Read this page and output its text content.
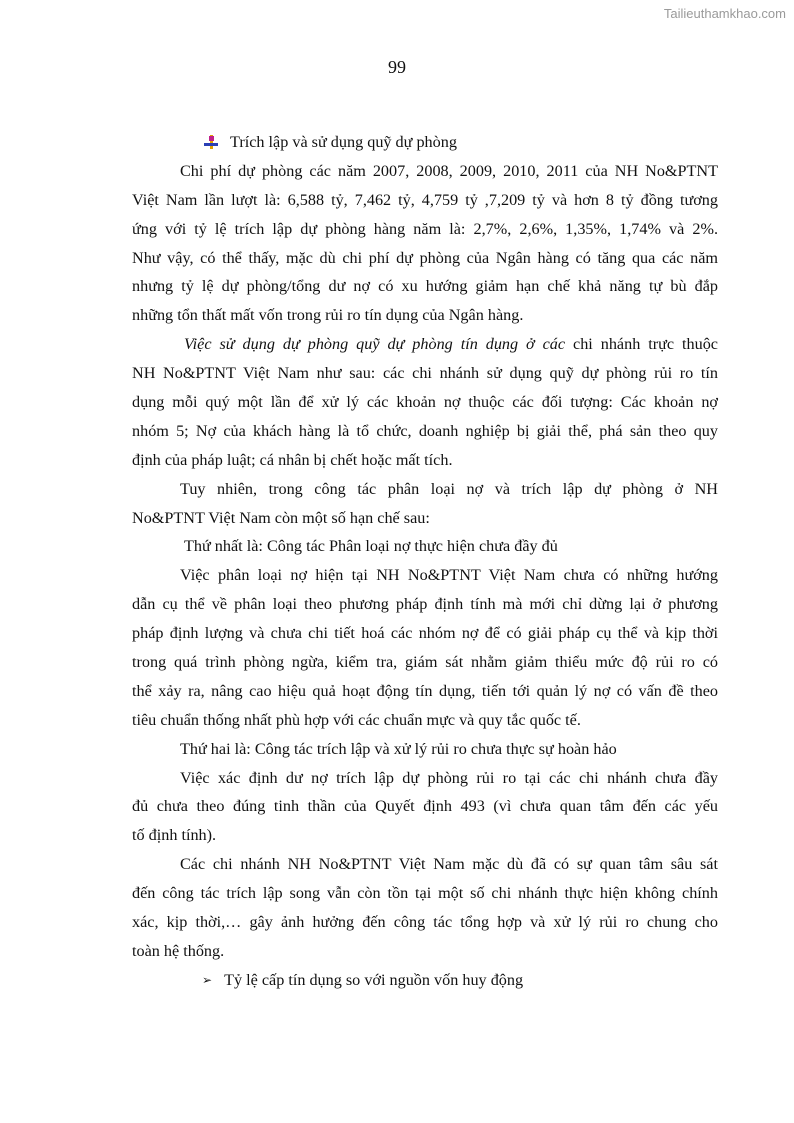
Tailieuthamkhao.com
99
Trích lập và sử dụng quỹ dự phòng
Chi phí dự phòng các năm 2007, 2008, 2009, 2010, 2011 của NH No&PTNT
Việt Nam lần lượt là: 6,588 tỷ, 7,462 tỷ, 4,759 tỷ ,7,209 tỷ và hơn 8 tỷ đồng tương
ứng với tỷ lệ trích lập dự phòng hàng năm là: 2,7%, 2,6%, 1,35%, 1,74% và 2%.
Như vậy, có thể thấy, mặc dù chi phí dự phòng của Ngân hàng có tăng qua các năm
nhưng tỷ lệ dự phòng/tổng dư nợ có xu hướng giảm hạn chế khả năng tự bù đắp
những tổn thất mất vốn trong rủi ro tín dụng của Ngân hàng.
Việc sử dụng dự phòng quỹ dự phòng tín dụng ở các chi nhánh trực thuộc
NH No&PTNT Việt Nam như sau: các chi nhánh sử dụng quỹ dự phòng rủi ro tín
dụng mỗi quý một lần để xử lý các khoản nợ thuộc các đối tượng: Các khoản nợ
nhóm 5; Nợ của khách hàng là tổ chức, doanh nghiệp bị giải thể, phá sản theo quy
định của pháp luật; cá nhân bị chết hoặc mất tích.
Tuy nhiên, trong công tác phân loại nợ và trích lập dự phòng ở NH
No&PTNT Việt Nam còn một số hạn chế sau:
Thứ nhất là: Công tác Phân loại nợ thực hiện chưa đầy đủ
Việc phân loại nợ hiện tại NH No&PTNT Việt Nam chưa có những hướng
dẫn cụ thể về phân loại theo phương pháp định tính mà mới chỉ dừng lại ở phương
pháp định lượng và chưa chi tiết hoá các nhóm nợ để có giải pháp cụ thể và kịp thời
trong quá trình phòng ngừa, kiểm tra, giám sát nhằm giảm thiểu mức độ rủi ro có
thể xảy ra, nâng cao hiệu quả hoạt động tín dụng, tiến tới quản lý nợ có vấn đề theo
tiêu chuẩn thống nhất phù hợp với các chuẩn mực và quy tắc quốc tế.
Thứ hai là: Công tác trích lập và xử lý rủi ro chưa thực sự hoàn hảo
Việc xác định dư nợ trích lập dự phòng rủi ro tại các chi nhánh chưa đầy
đủ chưa theo đúng tinh thần của Quyết định 493 (vì chưa quan tâm đến các yếu
tố định tính).
Các chi nhánh NH No&PTNT Việt Nam mặc dù đã có sự quan tâm sâu sát
đến công tác trích lập song vẫn còn tồn tại một số chi nhánh thực hiện không chính
xác, kịp thời,… gây ảnh hưởng đến công tác tổng hợp và xử lý rủi ro chung cho
toàn hệ thống.
➢ Tỷ lệ cấp tín dụng so với nguồn vốn huy động
